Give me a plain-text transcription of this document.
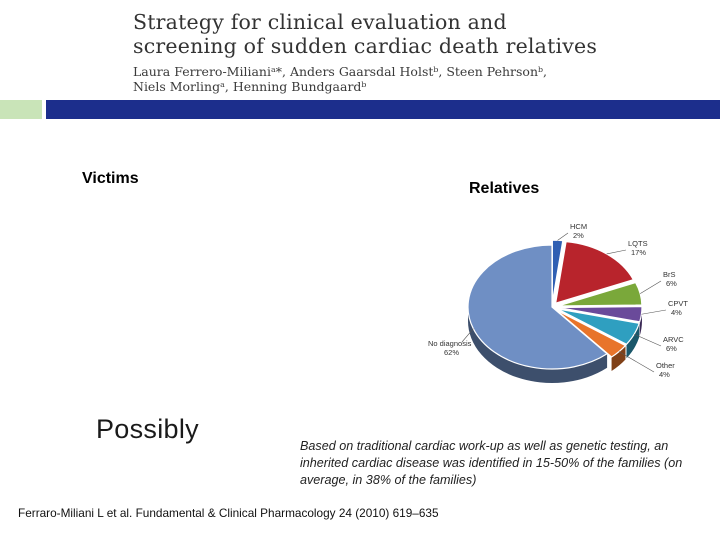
Strategy for clinical evaluation and
screening of sudden cardiac death relatives
Laura Ferrero-Milianiᵃ*, Anders Gaarsdal Holstᵇ, Steen Pehrsonᵇ,
Niels Morlingᵃ, Henning Bundgaardᵇ
Victims
Relatives
HCM
2%
LQTS
17%
BrS
6%
CPVT
4%
ARVC
6%
Other
4%
No diagnosis
62%
Possibly
Based on traditional cardiac work-up as well as genetic testing, an inherited cardiac disease was identified in 15-50% of the families (on average, in 38% of the families)
Ferraro-Miliani L et al. Fundamental & Clinical Pharmacology 24 (2010) 619–635
